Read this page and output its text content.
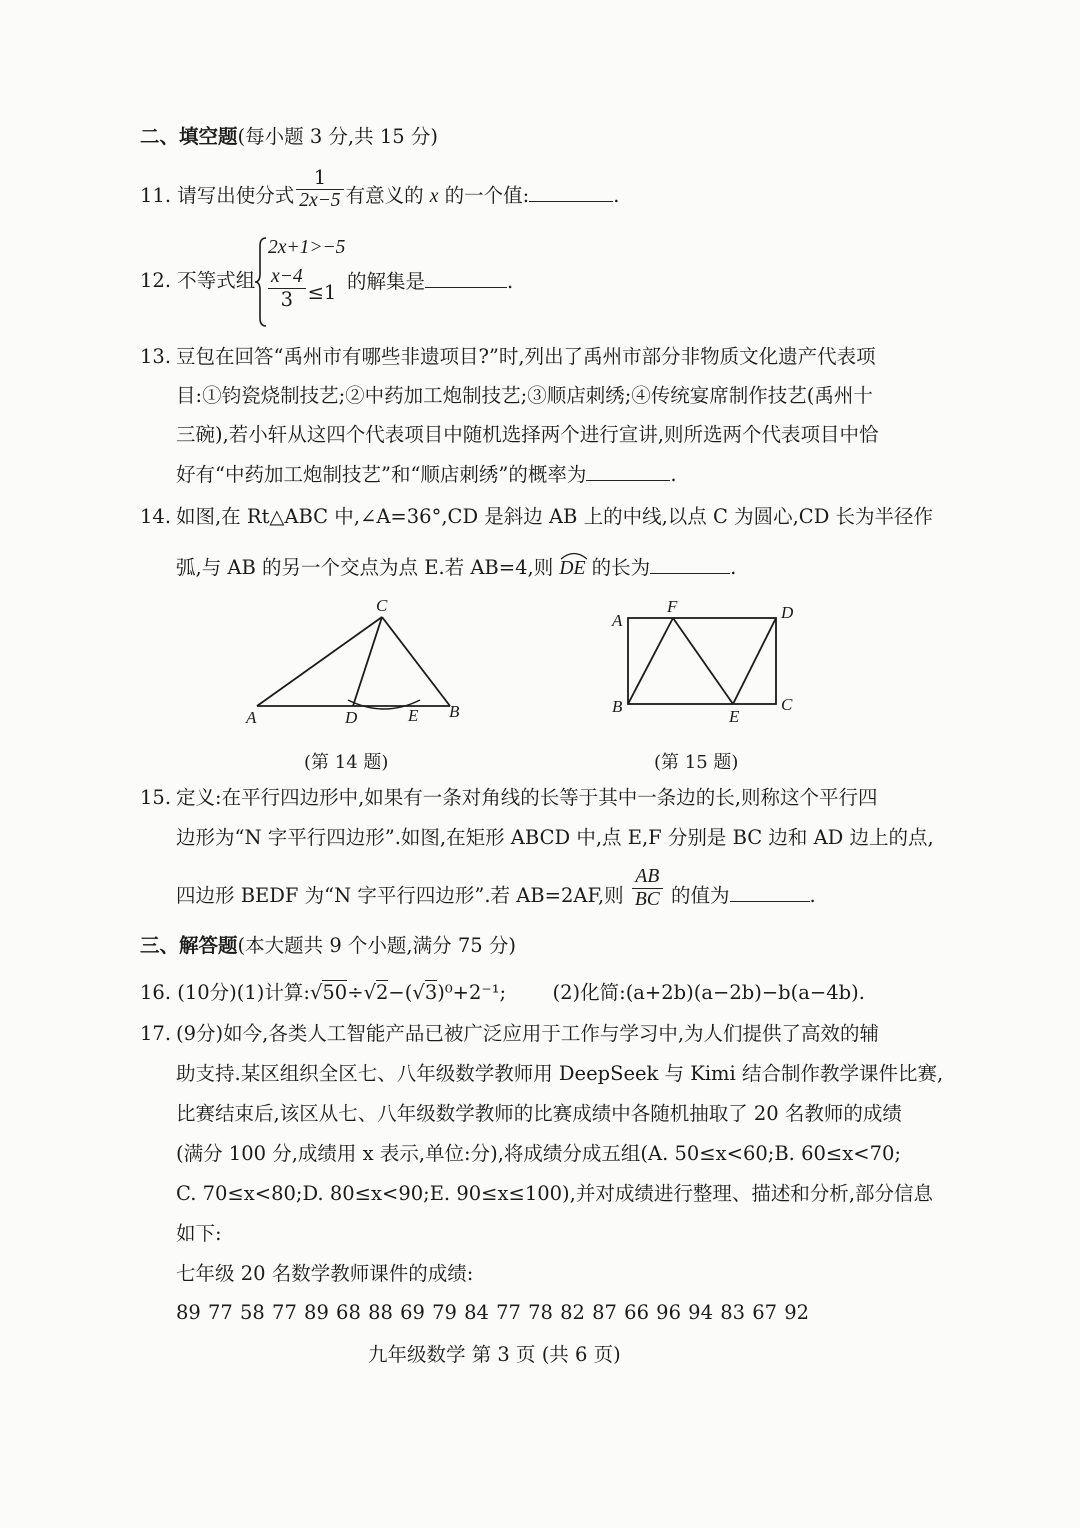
二、填空题(每小题 3 分,共 15 分)
11. 请写出使分式 $\frac{1}{2x-5}$ 有意义的 x 的一个值:	.
12. 不等式组
2x+1>−5
$\frac{x-4}{3} \le 1$ 的解集是	.
13. 豆包在回答“禹州市有哪些非遗项目?”时,列出了禹州市部分非物质文化遗产代表项
目:①钧瓷烧制技艺;②中药加工炮制技艺;③顺店刺绣;④传统宴席制作技艺(禹州十
三碗),若小轩从这四个代表项目中随机选择两个进行宣讲,则所选两个代表项目中恰
好有“中药加工炮制技艺”和“顺店刺绣”的概率为	.
14. 如图,在 Rt△ABC 中,∠A=36°,CD 是斜边 AB 上的中线,以点 C 为圆心,CD 长为半径作
弧,与 AB 的另一个交点为点 E.若 AB=4,则 DE 的长为	.
C
A	D	E B
(第 14 题)
A
F	D
B
E
C
(第 15 题)
15. 定义:在平行四边形中,如果有一条对角线的长等于其中一条边的长,则称这个平行四
边形为“N 字平行四边形”.如图,在矩形 ABCD 中,点 E,F 分别是 BC 边和 AD 边上的点,
四边形 BEDF 为“N 字平行四边形”.若 AB=2AF,则 $\frac{AB}{BC}$ 的值为	.
三、解答题(本大题共 9 个小题,满分 75 分)
16. (10分)(1)计算:√50÷√2−(√3)⁰+2⁻¹; (2)化简:(a+2b)(a−2b)−b(a−4b).
17. (9分)如今,各类人工智能产品已被广泛应用于工作与学习中,为人们提供了高效的辅
助支持.某区组织全区七、八年级数学教师用 DeepSeek 与 Kimi 结合制作教学课件比赛,
比赛结束后,该区从七、八年级数学教师的比赛成绩中各随机抽取了 20 名教师的成绩
(满分 100 分,成绩用 x 表示,单位:分),将成绩分成五组(A. 50≤x<60;B. 60≤x<70;
C. 70≤x<80;D. 80≤x<90;E. 90≤x≤100),并对成绩进行整理、描述和分析,部分信息
如下:
七年级 20 名数学教师课件的成绩:
89 77 58 77 89 68 88 69 79 84 77 78 82 87 66 96 94 83 67 92
九年级数学 第 3 页 (共 6 页)
